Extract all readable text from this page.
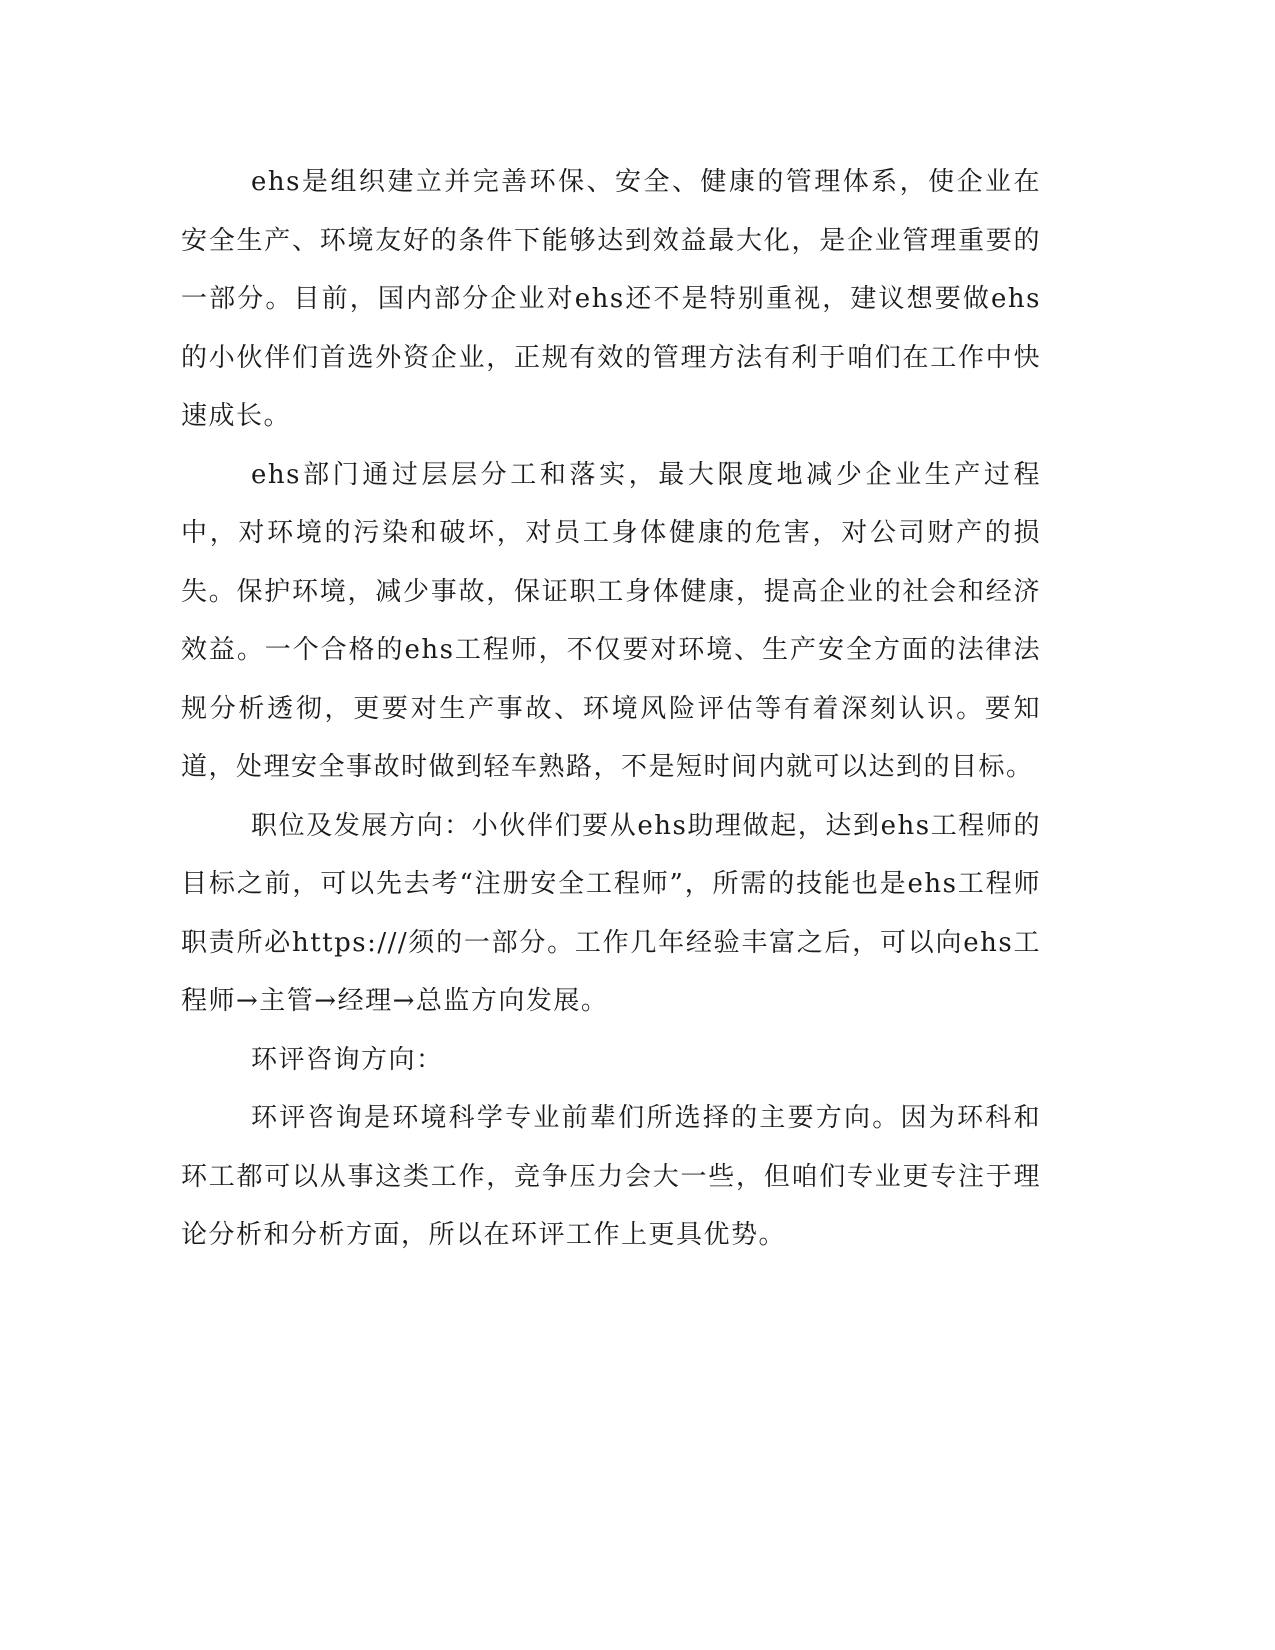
ehs是组织建立并完善环保、安全、健康的管理体系，使企业在安全生产、环境友好的条件下能够达到效益最大化，是企业管理重要的一部分。目前，国内部分企业对ehs还不是特别重视，建议想要做ehs的小伙伴们首选外资企业，正规有效的管理方法有利于咱们在工作中快速成长。

ehs部门通过层层分工和落实，最大限度地减少企业生产过程中，对环境的污染和破坏，对员工身体健康的危害，对公司财产的损失。保护环境，减少事故，保证职工身体健康，提高企业的社会和经济效益。一个合格的ehs工程师，不仅要对环境、生产安全方面的法律法规分析透彻，更要对生产事故、环境风险评估等有着深刻认识。要知道，处理安全事故时做到轻车熟路，不是短时间内就可以达到的目标。

职位及发展方向：小伙伴们要从ehs助理做起，达到ehs工程师的目标之前，可以先去考“注册安全工程师”，所需的技能也是ehs工程师职责所必https:///须的一部分。工作几年经验丰富之后，可以向ehs工程师→主管→经理→总监方向发展。

环评咨询方向：

环评咨询是环境科学专业前辈们所选择的主要方向。因为环科和环工都可以从事这类工作，竞争压力会大一些，但咱们专业更专注于理论分析和分析方面，所以在环评工作上更具优势。
